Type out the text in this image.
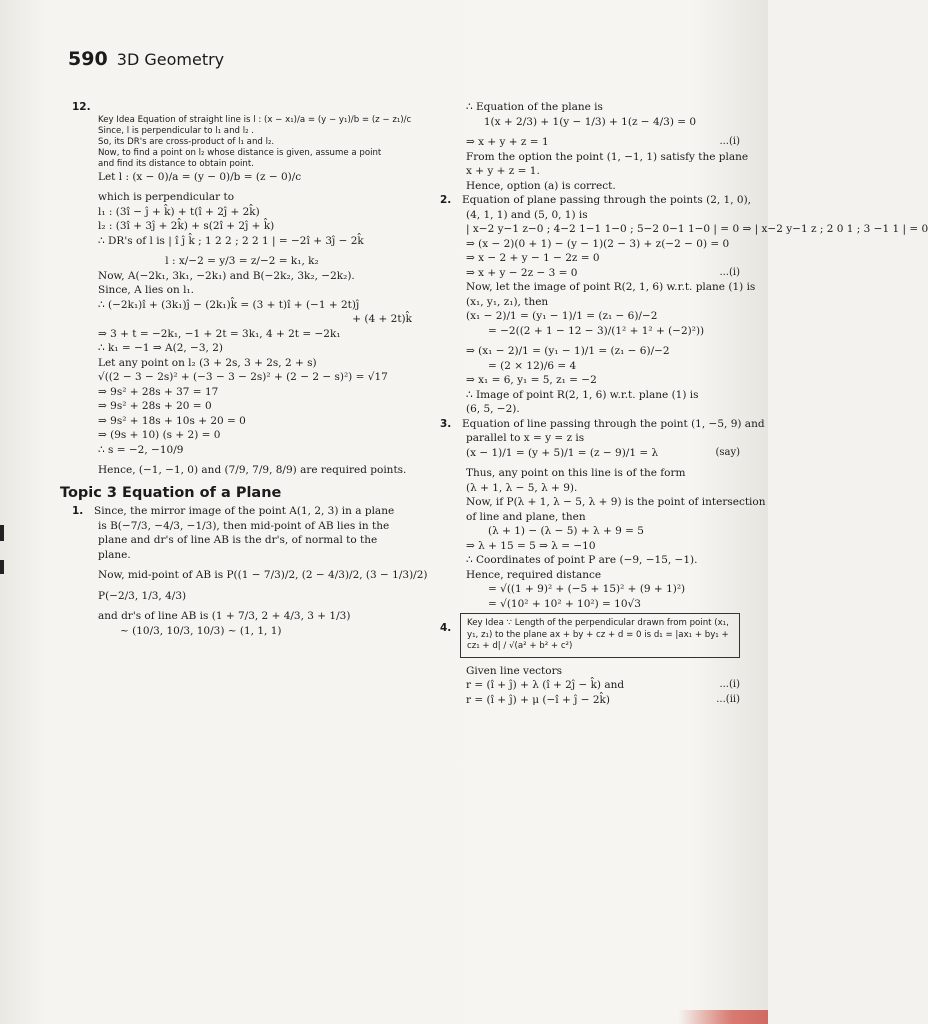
590 3D Geometry
12.
Key Idea Equation of straight line is l : (x − x₁)/a = (y − y₁)/b = (z − z₁)/c
Since, l is perpendicular to l₁ and l₂ .
So, its DR's are cross-product of l₁ and l₂.
Now, to find a point on l₂ whose distance is given, assume a point
and find its distance to obtain point.
Let l : (x − 0)/a = (y − 0)/b = (z − 0)/c
which is perpendicular to
l₁ : (3î − ĵ + k̂) + t(î + 2ĵ + 2k̂)
l₂ : (3î + 3ĵ + 2k̂) + s(2î + 2ĵ + k̂)
∴ DR's of l is | î ĵ k̂ ; 1 2 2 ; 2 2 1 | = −2î + 3ĵ − 2k̂
l : x/−2 = y/3 = z/−2 = k₁, k₂
Now, A(−2k₁, 3k₁, −2k₁) and B(−2k₂, 3k₂, −2k₂).
Since, A lies on l₁.
∴ (−2k₁)î + (3k₁)ĵ − (2k₁)k̂ = (3 + t)î + (−1 + 2t)ĵ
+ (4 + 2t)k̂
⇒ 3 + t = −2k₁, −1 + 2t = 3k₁, 4 + 2t = −2k₁
∴ k₁ = −1 ⇒ A(2, −3, 2)
Let any point on l₂ (3 + 2s, 3 + 2s, 2 + s)
√((2 − 3 − 2s)² + (−3 − 3 − 2s)² + (2 − 2 − s)²) = √17
⇒ 9s² + 28s + 37 = 17
⇒ 9s² + 28s + 20 = 0
⇒ 9s² + 18s + 10s + 20 = 0
⇒ (9s + 10) (s + 2) = 0
∴ s = −2, −10/9
Hence, (−1, −1, 0) and (7/9, 7/9, 8/9) are required points.
Topic 3 Equation of a Plane
1. Since, the mirror image of the point A(1, 2, 3) in a plane
is B(−7/3, −4/3, −1/3), then mid-point of AB lies in the
plane and dr's of line AB is the dr's, of normal to the
plane.
Now, mid-point of AB is P((1 − 7/3)/2, (2 − 4/3)/2, (3 − 1/3)/2)
P(−2/3, 1/3, 4/3)
and dr's of line AB is (1 + 7/3, 2 + 4/3, 3 + 1/3)
~ (10/3, 10/3, 10/3) ~ (1, 1, 1)
∴ Equation of the plane is
1(x + 2/3) + 1(y − 1/3) + 1(z − 4/3) = 0
...(i)
⇒ x + y + z = 1
From the option the point (1, −1, 1) satisfy the plane
x + y + z = 1.
Hence, option (a) is correct.
2. Equation of plane passing through the points (2, 1, 0),
(4, 1, 1) and (5, 0, 1) is
| x−2 y−1 z−0 ; 4−2 1−1 1−0 ; 5−2 0−1 1−0 | = 0 ⇒ | x−2 y−1 z ; 2 0 1 ; 3 −1 1 | = 0
⇒ (x − 2)(0 + 1) − (y − 1)(2 − 3) + z(−2 − 0) = 0
⇒ x − 2 + y − 1 − 2z = 0
...(i)
⇒ x + y − 2z − 3 = 0
Now, let the image of point R(2, 1, 6) w.r.t. plane (1) is
(x₁, y₁, z₁), then
(x₁ − 2)/1 = (y₁ − 1)/1 = (z₁ − 6)/−2
= −2((2 + 1 − 12 − 3)/(1² + 1² + (−2)²))
⇒ (x₁ − 2)/1 = (y₁ − 1)/1 = (z₁ − 6)/−2
= (2 × 12)/6 = 4
⇒ x₁ = 6, y₁ = 5, z₁ = −2
∴ Image of point R(2, 1, 6) w.r.t. plane (1) is
(6, 5, −2).
3. Equation of line passing through the point (1, −5, 9) and
parallel to x = y = z is
(say)
(x − 1)/1 = (y + 5)/1 = (z − 9)/1 = λ
Thus, any point on this line is of the form
(λ + 1, λ − 5, λ + 9).
Now, if P(λ + 1, λ − 5, λ + 9) is the point of intersection
of line and plane, then
(λ + 1) − (λ − 5) + λ + 9 = 5
⇒ λ + 15 = 5 ⇒ λ = −10
∴ Coordinates of point P are (−9, −15, −1).
Hence, required distance
= √((1 + 9)² + (−5 + 15)² + (9 + 1)²)
= √(10² + 10² + 10²) = 10√3
4.	Key Idea ∵ Length of the perpendicular drawn from point (x₁, y₁, z₁) to the plane ax + by + cz + d = 0 is d₁ = |ax₁ + by₁ + cz₁ + d| / √(a² + b² + c²)
Given line vectors
...(i)
r = (î + ĵ) + λ (î + 2ĵ − k̂) and
...(ii)
r = (î + ĵ) + μ (−î + ĵ − 2k̂)
